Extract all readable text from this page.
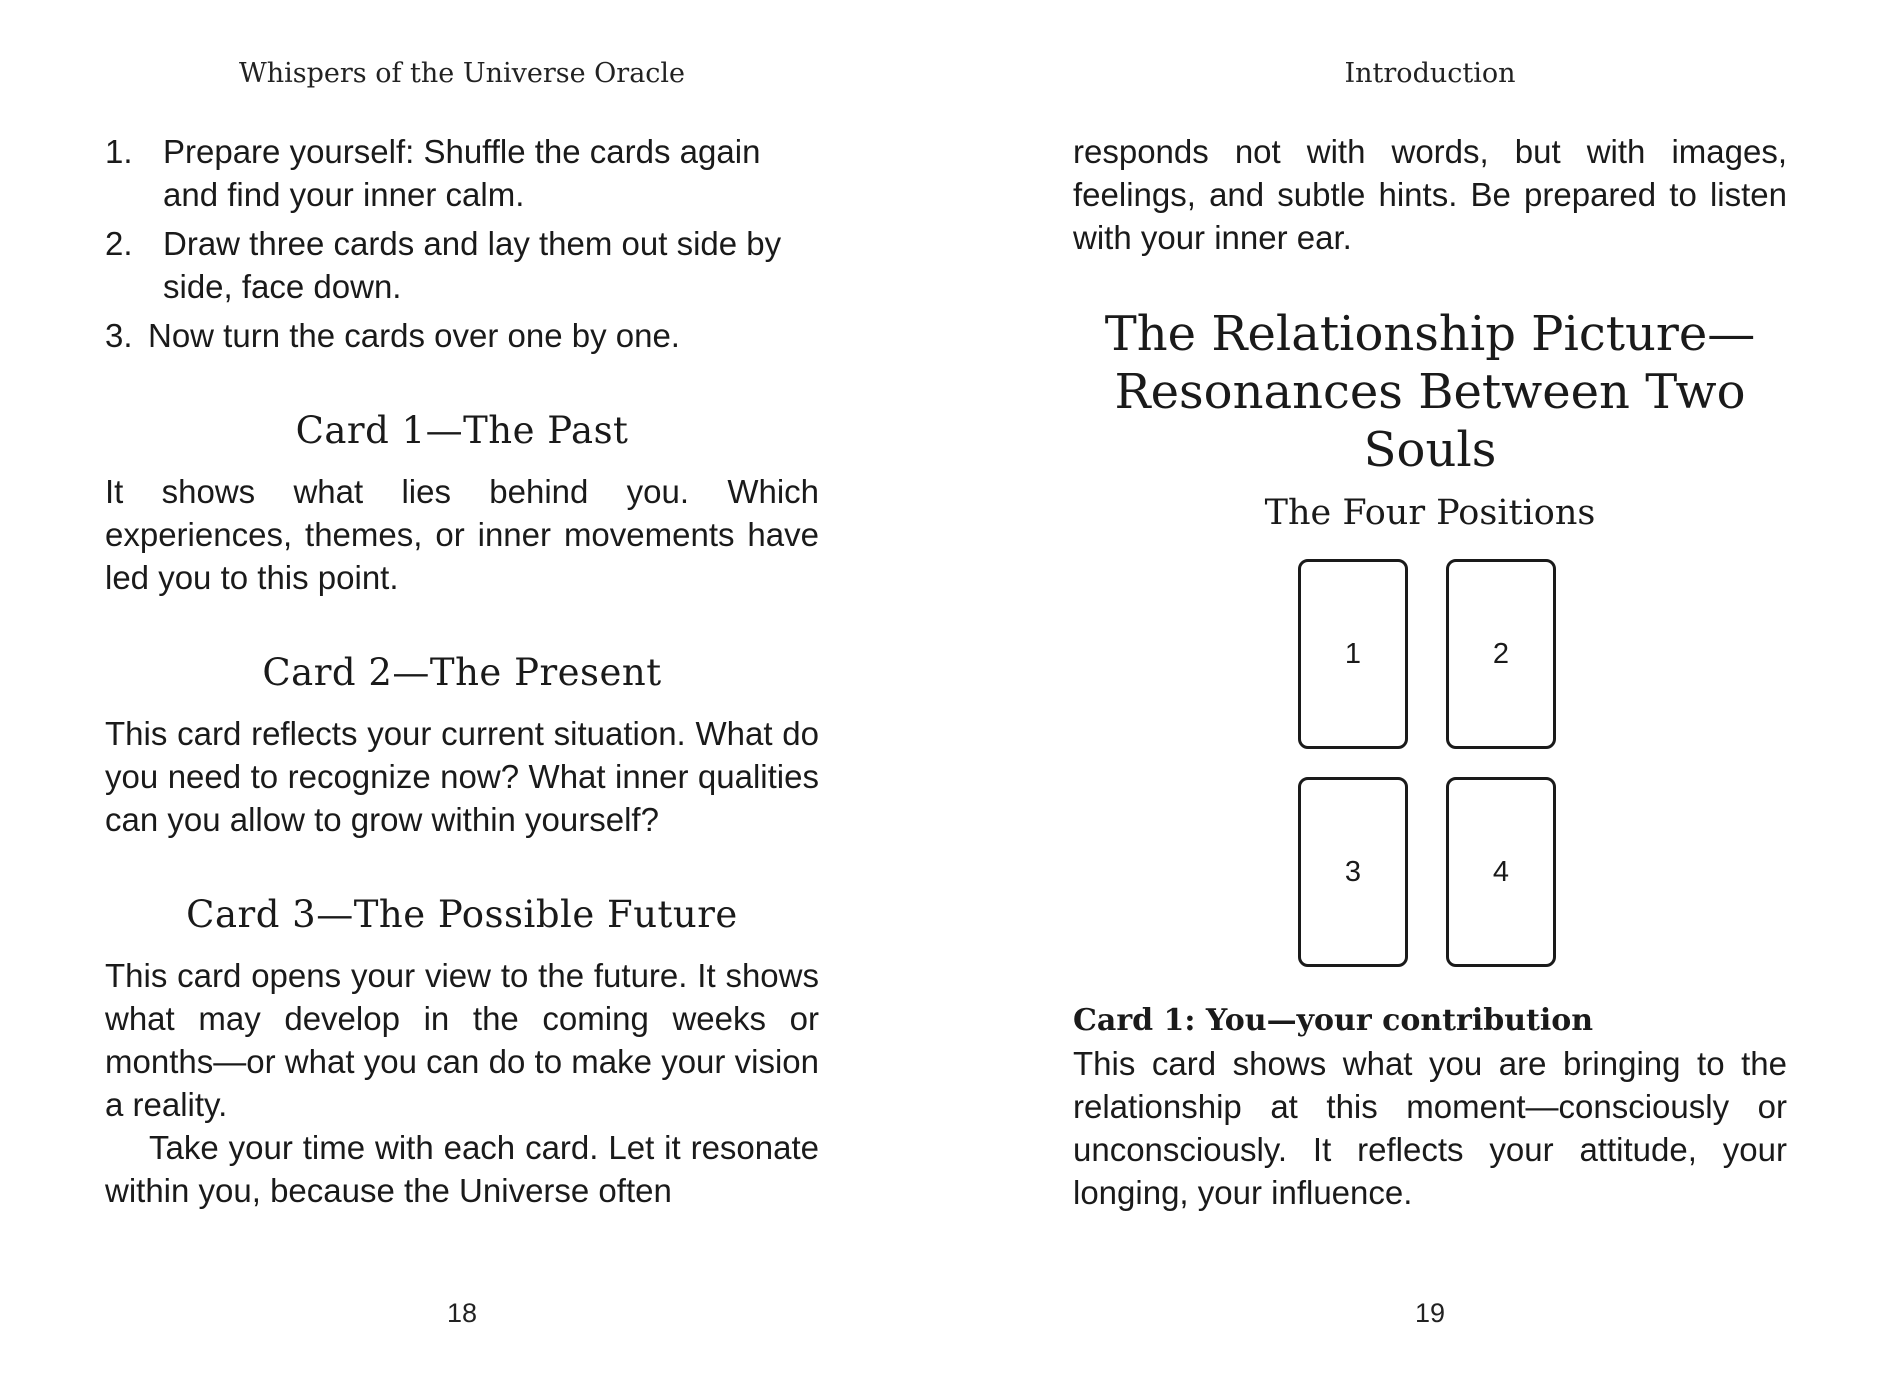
Whispers of the Universe Oracle
1. Prepare yourself: Shuffle the cards again and find your inner calm.
2. Draw three cards and lay them out side by side, face down.
3. Now turn the cards over one by one.
Card 1—The Past

It shows what lies behind you. Which experiences, themes, or inner movements have led you to this point.

Card 2—The Present

This card reflects your current situation. What do you need to recognize now? What inner qualities can you allow to grow within yourself?

Card 3—The Possible Future

This card opens your view to the future. It shows what may develop in the coming weeks or months—or what you can do to make your vision a reality.

Take your time with each card. Let it resonate within you, because the Universe often

18
Introduction

responds not with words, but with images, feelings, and subtle hints. Be prepared to listen with your inner ear.

The Relationship Picture—
Resonances Between Two Souls
The Four Positions
1	2
3	4

Card 1: You—your contribution

This card shows what you are bringing to the relationship at this moment—consciously or unconsciously. It reflects your attitude, your longing, your influence.

19
